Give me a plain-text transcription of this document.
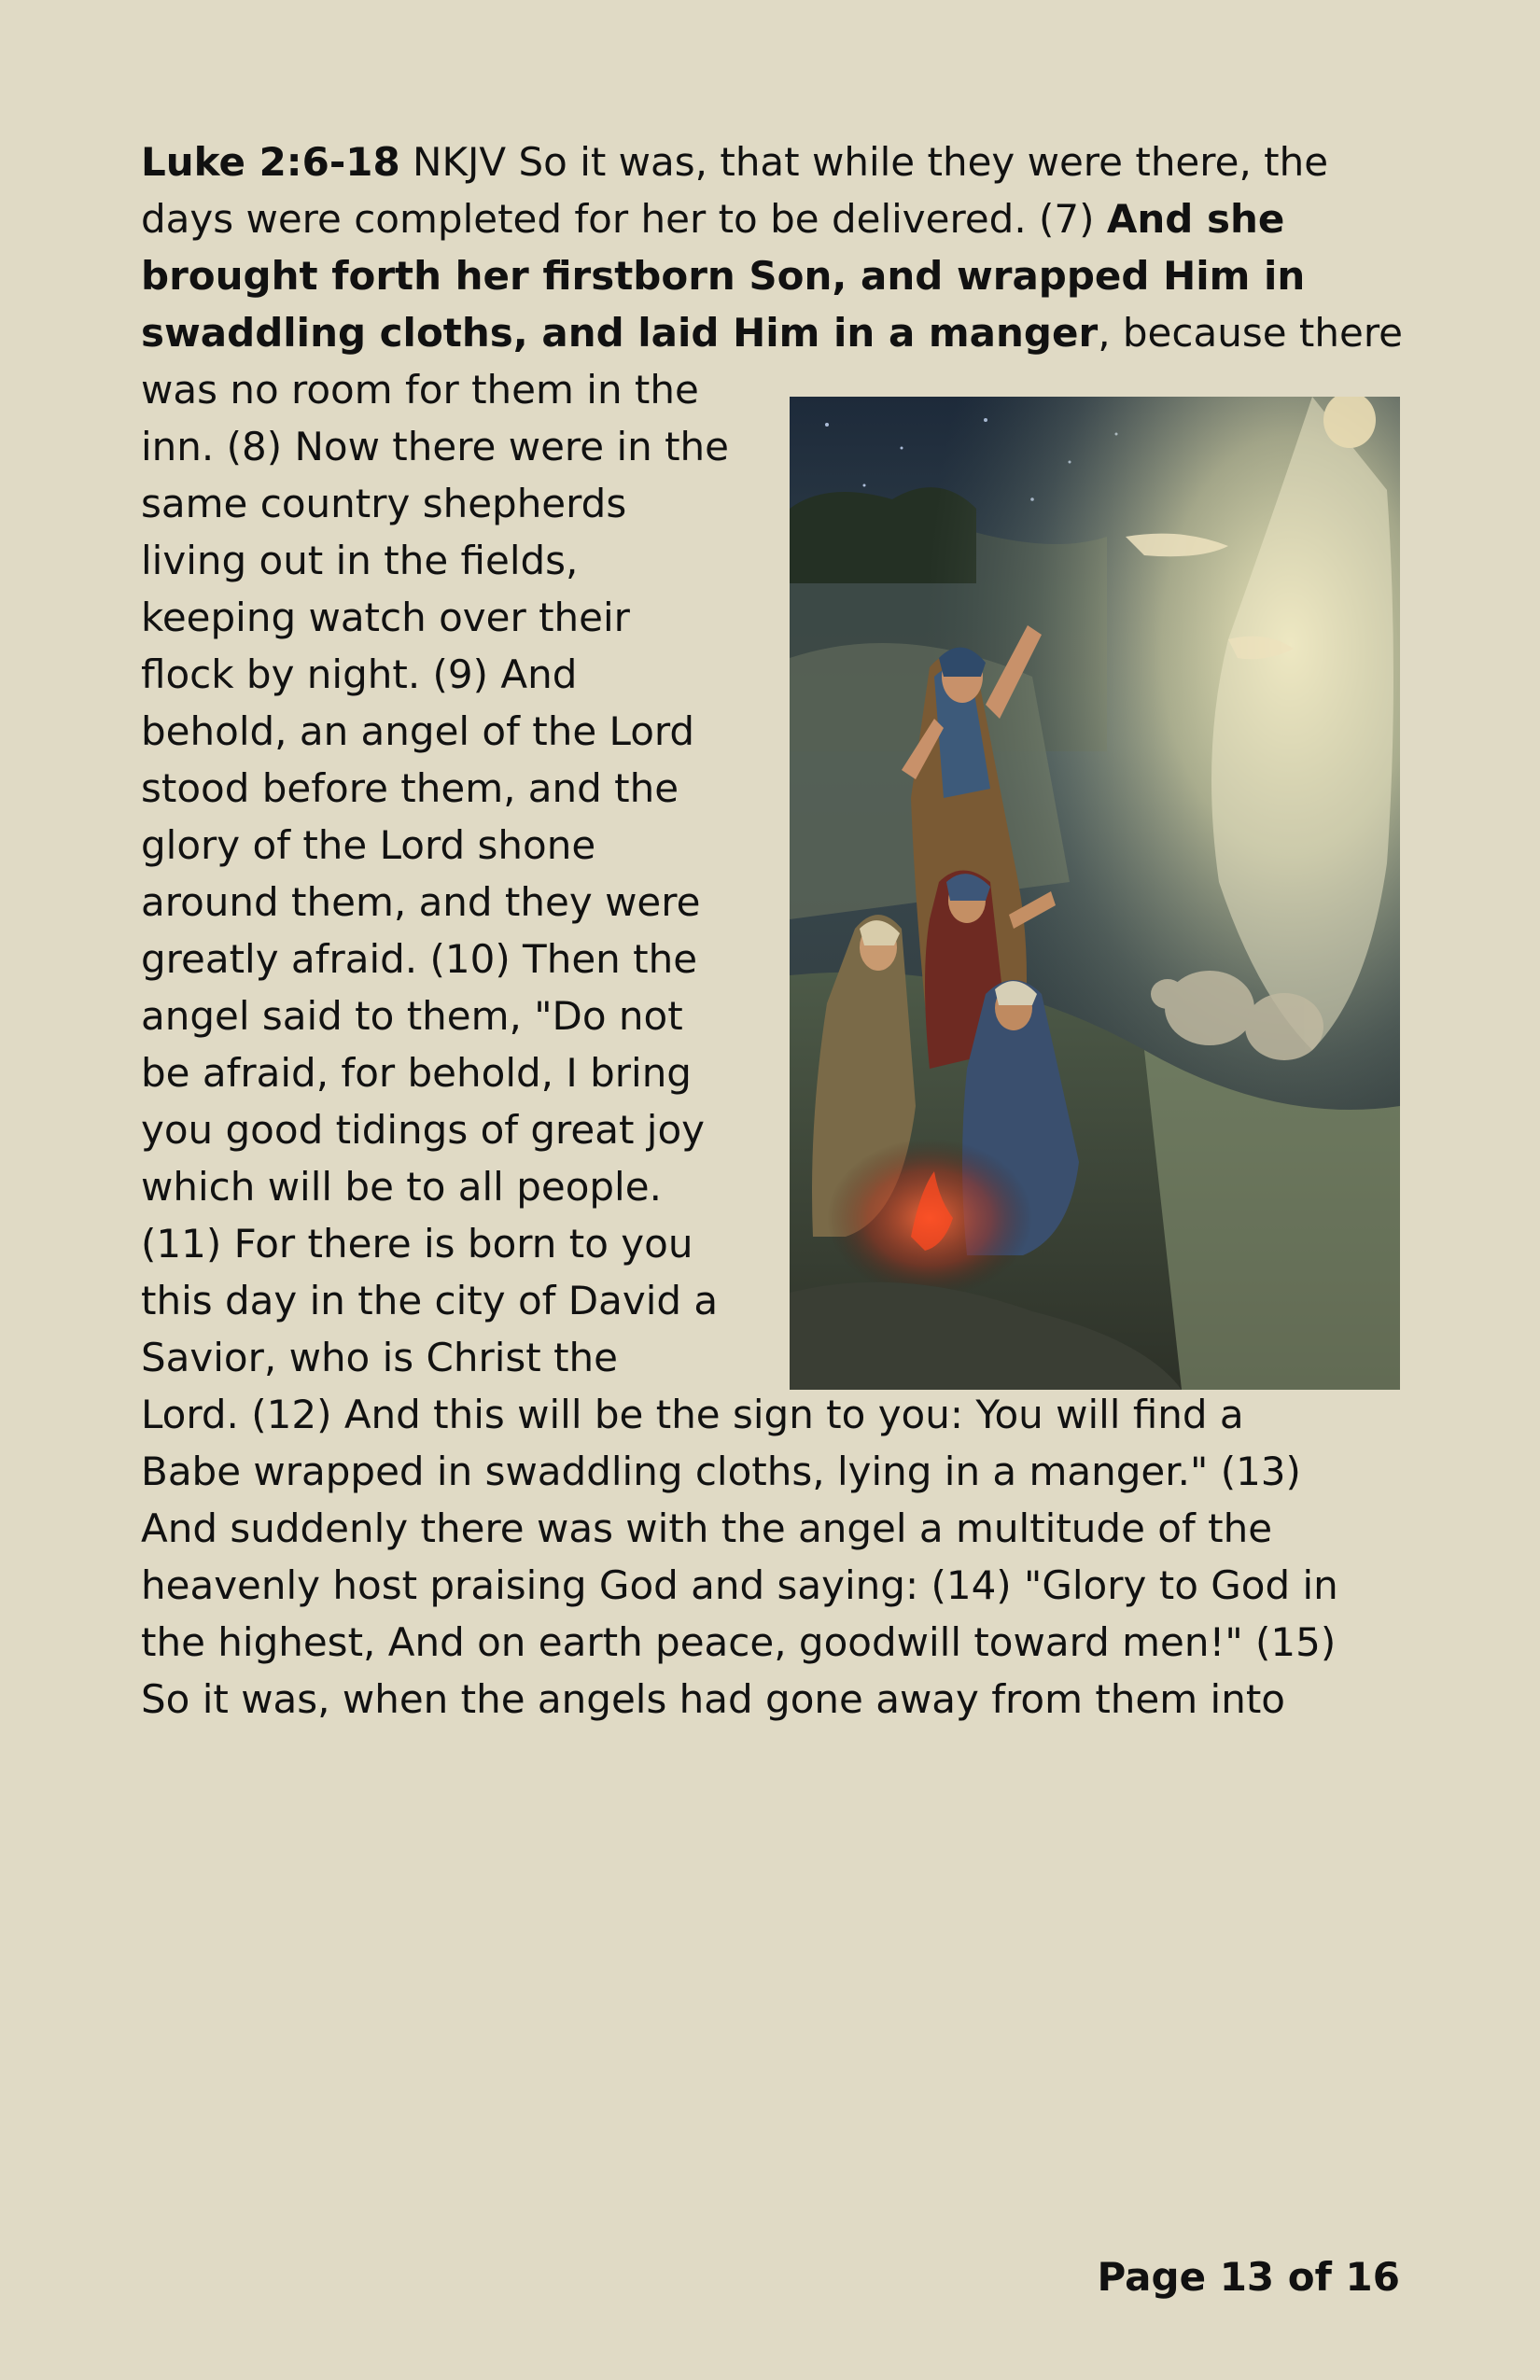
Luke 2:6-18 NKJV So it was, that while they were there, the
days were completed for her to be delivered. (7) And she
brought forth her firstborn Son, and wrapped Him in
swaddling cloths, and laid Him in a manger, because there
was no room for them in the
inn. (8) Now there were in the
same country shepherds
living out in the fields,
keeping watch over their
flock by night. (9) And
behold, an angel of the Lord
stood before them, and the
glory of the Lord shone
around them, and they were
greatly afraid. (10) Then the
angel said to them, "Do not
be afraid, for behold, I bring
you good tidings of great joy
which will be to all people.
(11) For there is born to you
this day in the city of David a
Savior, who is Christ the
Lord. (12) And this will be the sign to you: You will find a
Babe wrapped in swaddling cloths, lying in a manger." (13)
And suddenly there was with the angel a multitude of the
heavenly host praising God and saying: (14) "Glory to God in
the highest, And on earth peace, goodwill toward men!" (15)
So it was, when the angels had gone away from them into
Page 13 of 16
